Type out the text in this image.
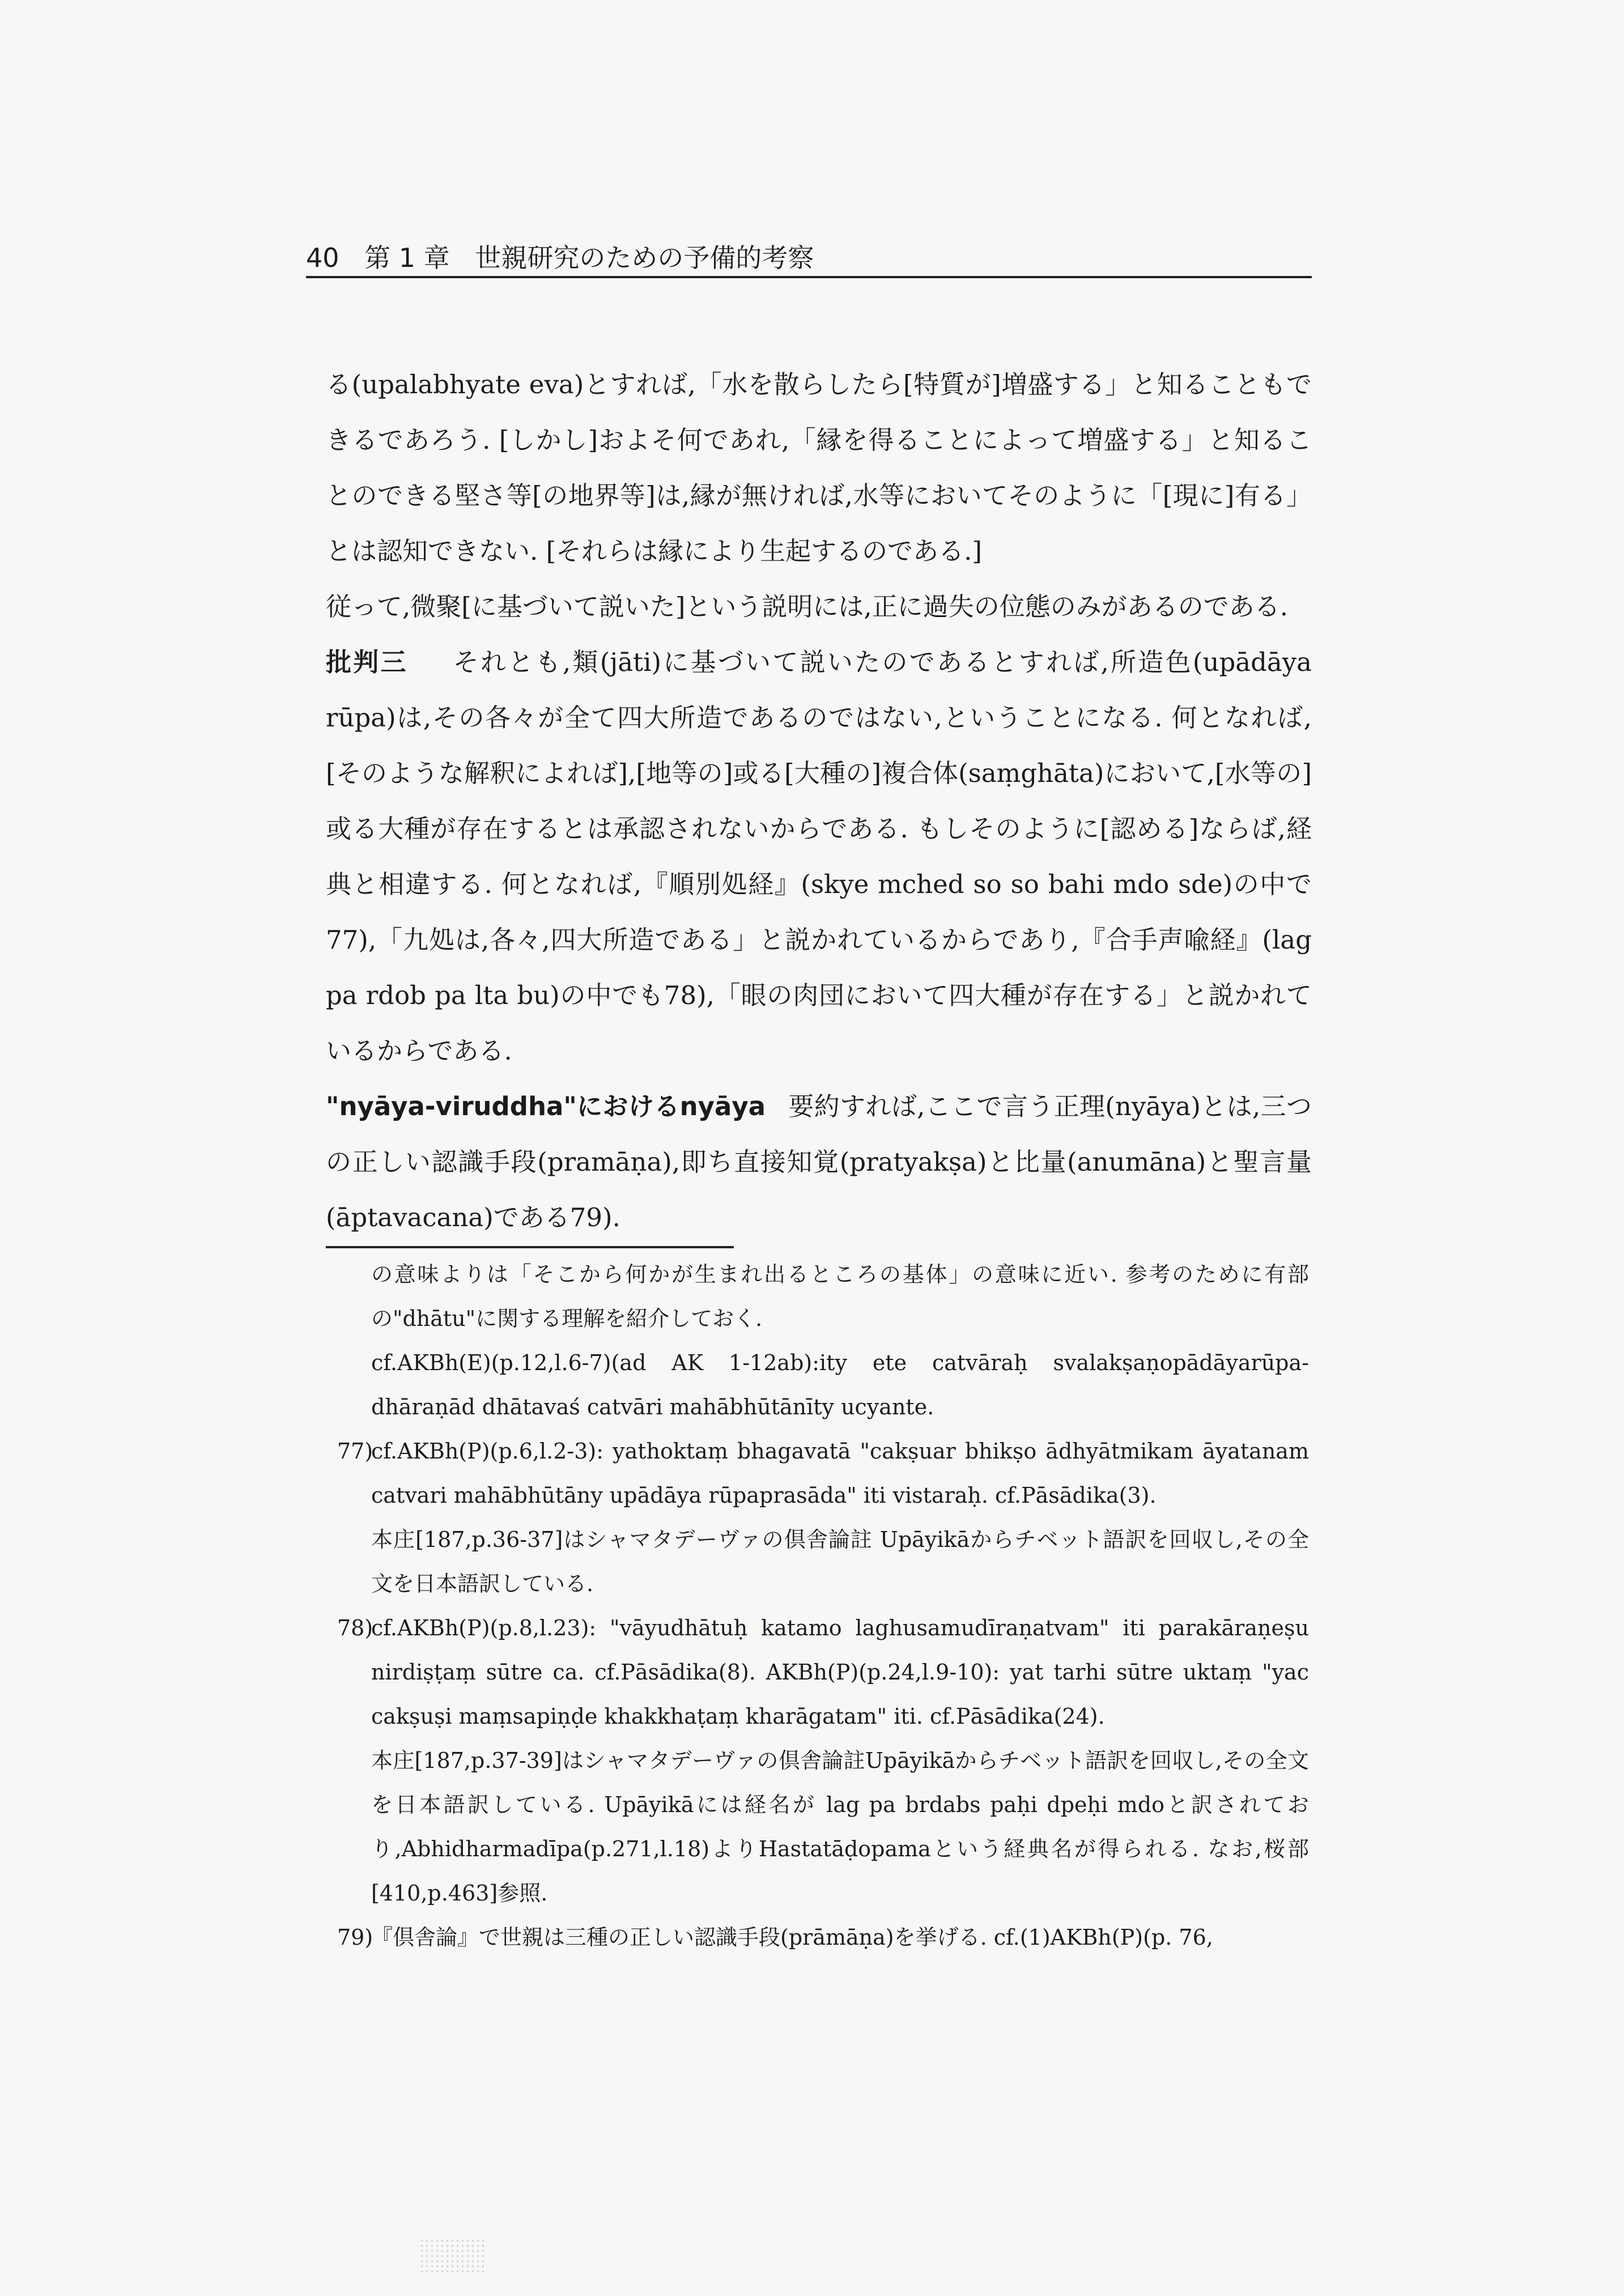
40 第 1 章 世親研究のための予備的考察

る(upalabhyate eva)とすれば,「水を散らしたら[特質が]増盛する」と知ることもできるであろう. [しかし]およそ何であれ,「縁を得ることによって増盛する」と知ることのできる堅さ等[の地界等]は,縁が無ければ,水等においてそのように「[現に]有る」とは認知できない. [それらは縁により生起するのである.]

従って,微聚[に基づいて説いた]という説明には,正に過失の位態のみがあるのである.

批判三 それとも,類(jāti)に基づいて説いたのであるとすれば,所造色(upādāya rūpa)は,その各々が全て四大所造であるのではない,ということになる. 何となれば,[そのような解釈によれば],[地等の]或る[大種の]複合体(saṃghāta)において,[水等の]或る大種が存在するとは承認されないからである. もしそのように[認める]ならば,経典と相違する. 何となれば,『順別処経』(skye mched so so bahi mdo sde)の中で77),「九処は,各々,四大所造である」と説かれているからであり,『合手声喩経』(lag pa rdob pa lta bu)の中でも78),「眼の肉団において四大種が存在する」と説かれているからである.

"nyāya-viruddha"におけるnyāya 要約すれば,ここで言う正理(nyāya)とは,三つの正しい認識手段(pramāṇa),即ち直接知覚(pratyakṣa)と比量(anumāna)と聖言量(āptavacana)である79).

の意味よりは「そこから何かが生まれ出るところの基体」の意味に近い. 参考のために有部の"dhātu"に関する理解を紹介しておく.

cf.AKBh(E)(p.12,l.6-7)(ad AK 1-12ab):ity ete catvāraḥ svalakṣaṇopādāyarūpa-dhāraṇād dhātavaś catvāri mahābhūtānīty ucyante.

77)

cf.AKBh(P)(p.6,l.2-3): yathoktaṃ bhagavatā "cakṣuar bhikṣo ādhyātmikam āyatanam catvari mahābhūtāny upādāya rūpaprasāda" iti vistaraḥ. cf.Pāsādika(3).

本庄[187,p.36-37]はシャマタデーヴァの倶舎論註 Upāyikāからチベット語訳を回収し,その全文を日本語訳している.

78)

cf.AKBh(P)(p.8,l.23): "vāyudhātuḥ katamo laghusamudīraṇatvam" iti parakāraṇeṣu nirdiṣṭaṃ sūtre ca. cf.Pāsādika(8). AKBh(P)(p.24,l.9-10): yat tarhi sūtre uktaṃ "yac cakṣuṣi maṃsapiṇḍe khakkhaṭaṃ kharāgatam" iti. cf.Pāsādika(24).

本庄[187,p.37-39]はシャマタデーヴァの倶舎論註Upāyikāからチベット語訳を回収し,その全文を日本語訳している. Upāyikāには経名が lag pa brdabs paḥi dpeḥi mdoと訳されており,Abhidharmadīpa(p.271,l.18)よりHastatāḍopamaという経典名が得られる. なお,桜部[410,p.463]参照.

79)

『倶舎論』で世親は三種の正しい認識手段(prāmāṇa)を挙げる. cf.(1)AKBh(P)(p. 76,
